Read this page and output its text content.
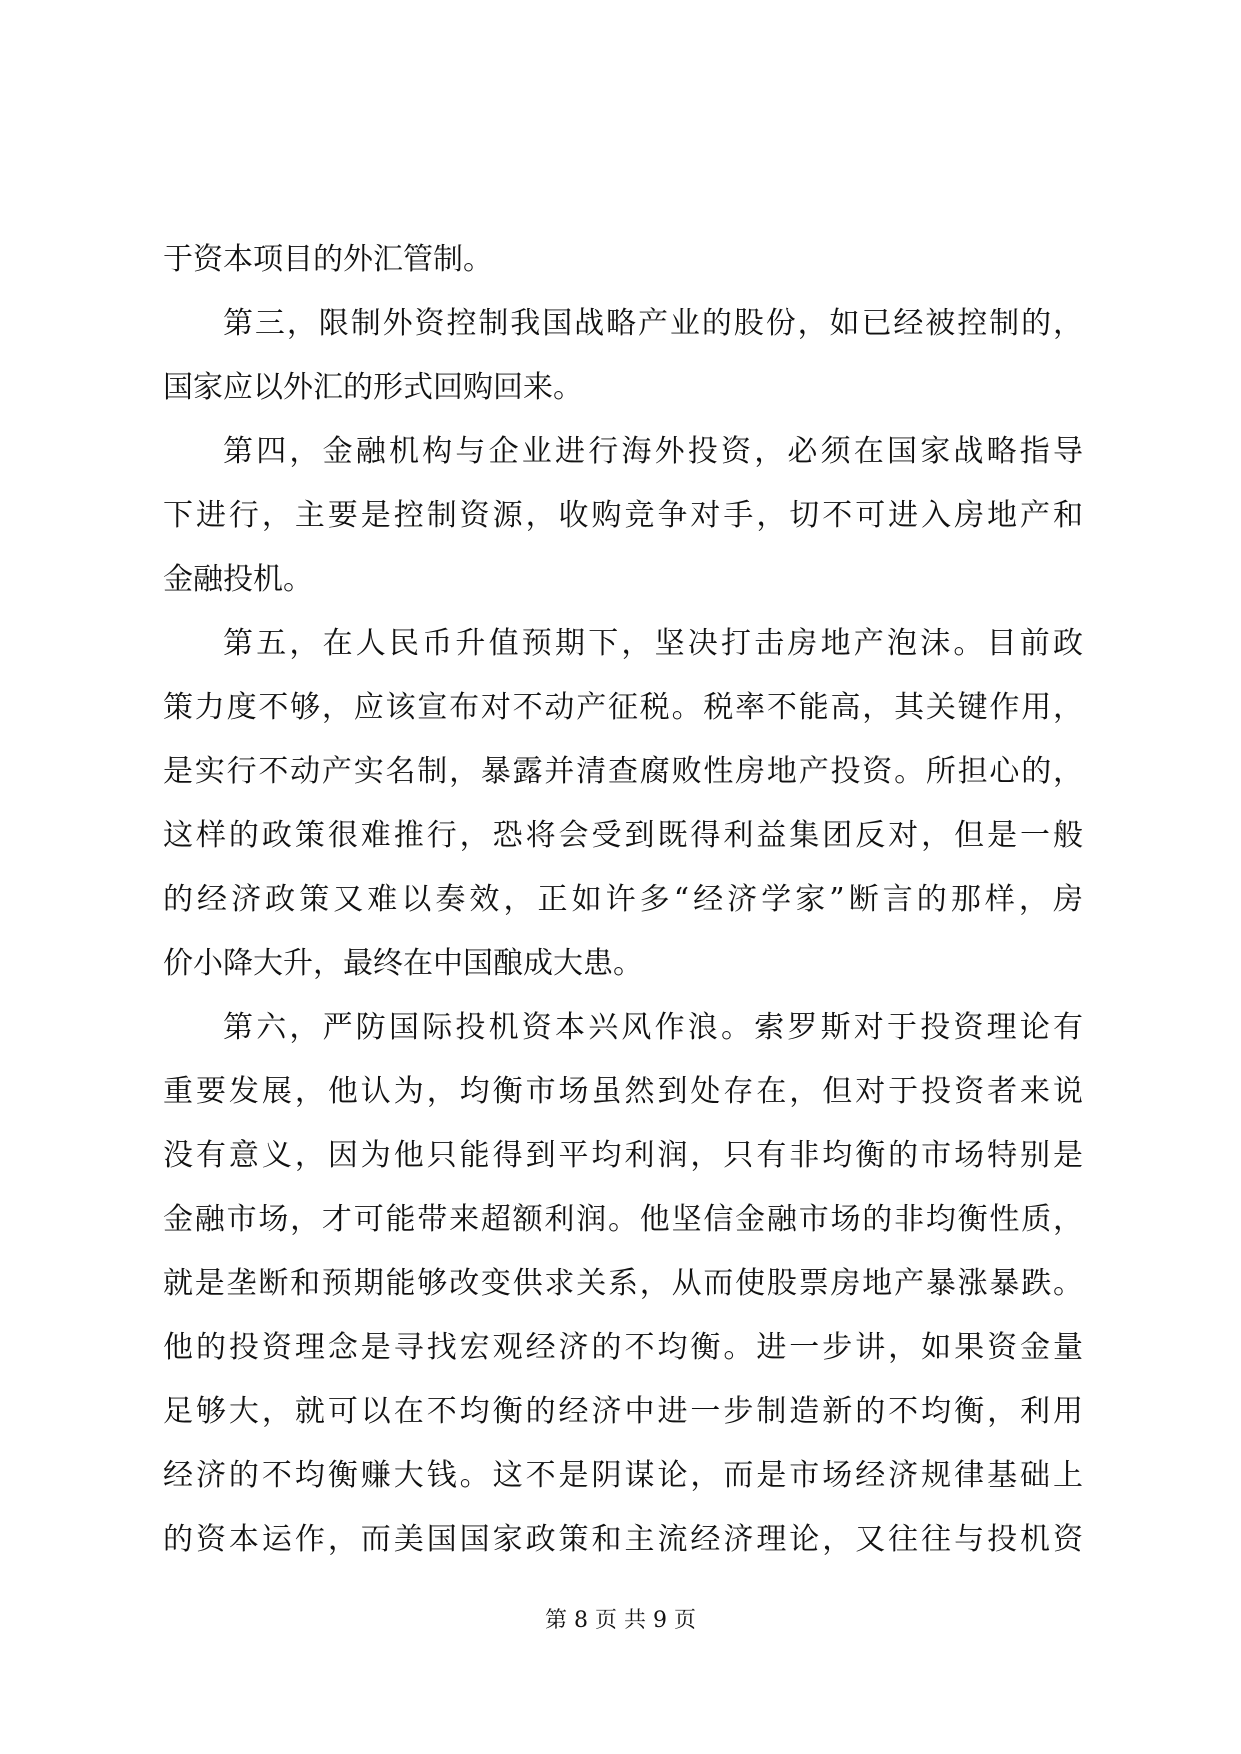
于资本项目的外汇管制。
第三，限制外资控制我国战略产业的股份，如已经被控制的，
国家应以外汇的形式回购回来。
第四，金融机构与企业进行海外投资，必须在国家战略指导
下进行，主要是控制资源，收购竞争对手，切不可进入房地产和
金融投机。
第五，在人民币升值预期下，坚决打击房地产泡沫。目前政
策力度不够，应该宣布对不动产征税。税率不能高，其关键作用，
是实行不动产实名制，暴露并清查腐败性房地产投资。所担心的，
这样的政策很难推行，恐将会受到既得利益集团反对，但是一般
的经济政策又难以奏效，正如许多“经济学家”断言的那样，房
价小降大升，最终在中国酿成大患。
第六，严防国际投机资本兴风作浪。索罗斯对于投资理论有
重要发展，他认为，均衡市场虽然到处存在，但对于投资者来说
没有意义，因为他只能得到平均利润，只有非均衡的市场特别是
金融市场，才可能带来超额利润。他坚信金融市场的非均衡性质，
就是垄断和预期能够改变供求关系，从而使股票房地产暴涨暴跌。
他的投资理念是寻找宏观经济的不均衡。进一步讲，如果资金量
足够大，就可以在不均衡的经济中进一步制造新的不均衡，利用
经济的不均衡赚大钱。这不是阴谋论，而是市场经济规律基础上
的资本运作，而美国国家政策和主流经济理论，又往往与投机资
第 8 页 共 9 页
